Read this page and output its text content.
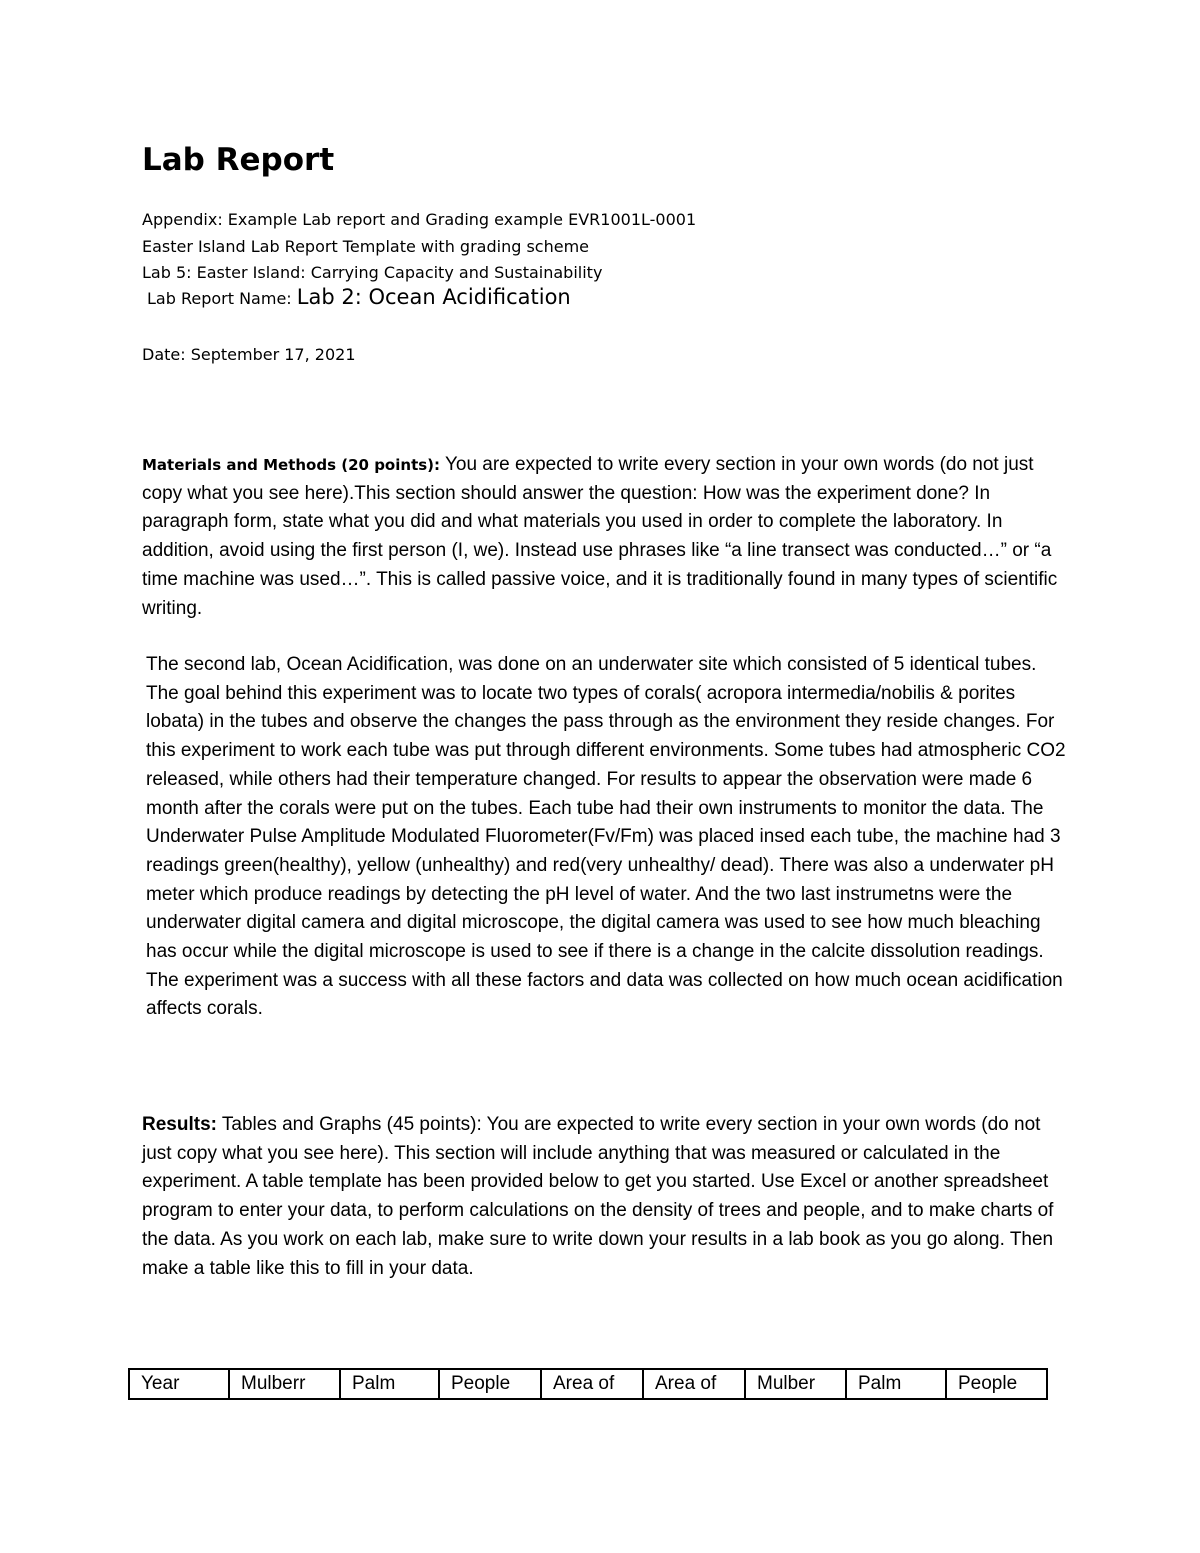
Lab Report
Appendix: Example Lab report and Grading example EVR1001L-0001
Easter Island Lab Report Template with grading scheme
Lab 5: Easter Island: Carrying Capacity and Sustainability
Lab Report Name: Lab 2: Ocean Acidification
Date: September 17, 2021

Materials and Methods (20 points): You are expected to write every section in your own words (do not just copy what you see here).This section should answer the question: How was the experiment done? In paragraph form, state what you did and what materials you used in order to complete the laboratory. In addition, avoid using the first person (I, we). Instead use phrases like “a line transect was conducted…” or “a time machine was used…”. This is called passive voice, and it is traditionally found in many types of scientific writing.

The second lab, Ocean Acidification, was done on an underwater site which consisted of 5 identical tubes. The goal behind this experiment was to locate two types of corals( acropora intermedia/nobilis & porites lobata) in the tubes and observe the changes the pass through as the environment they reside changes. For this experiment to work each tube was put through different environments. Some tubes had atmospheric CO2 released, while others had their temperature changed. For results to appear the observation were made 6 month after the corals were put on the tubes. Each tube had their own instruments to monitor the data. The Underwater Pulse Amplitude Modulated Fluorometer(Fv/Fm) was placed insed each tube, the machine had 3 readings green(healthy), yellow (unhealthy) and red(very unhealthy/ dead). There was also a underwater pH meter which produce readings by detecting the pH level of water. And the two last instrumetns were the underwater digital camera and digital microscope, the digital camera was used to see how much bleaching has occur while the digital microscope is used to see if there is a change in the calcite dissolution readings. The experiment was a success with all these factors and data was collected on how much ocean acidification affects corals.

Results: Tables and Graphs (45 points): You are expected to write every section in your own words (do not just copy what you see here). This section will include anything that was measured or calculated in the experiment. A table template has been provided below to get you started. Use Excel or another spreadsheet program to enter your data, to perform calculations on the density of trees and people, and to make charts of the data. As you work on each lab, make sure to write down your results in a lab book as you go along. Then make a table like this to fill in your data.

Year	Mulberr	Palm	People	Area of	Area of	Mulber	Palm	People
